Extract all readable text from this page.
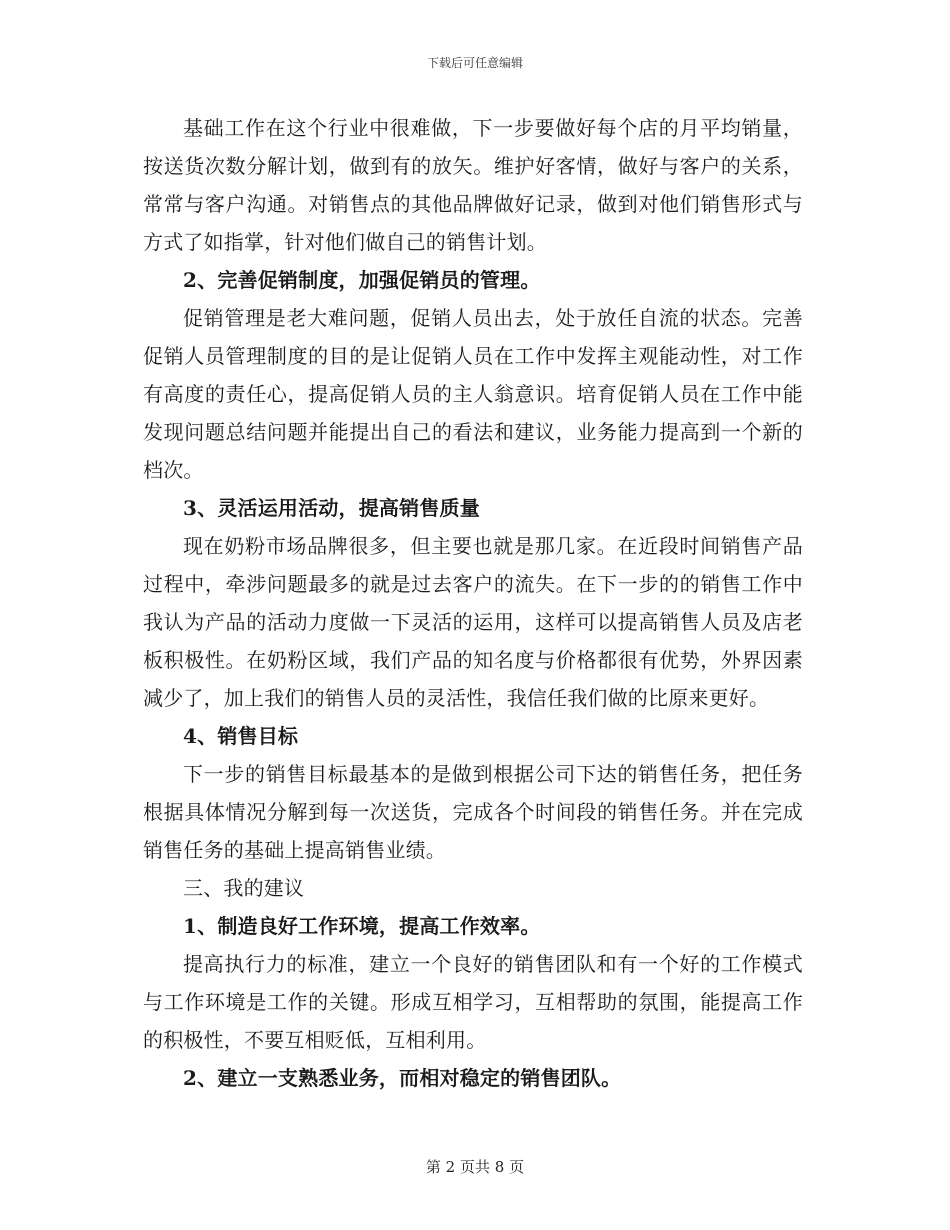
下载后可任意编辑

基础工作在这个行业中很难做，下一步要做好每个店的月平均销量，按送货次数分解计划，做到有的放矢。维护好客情，做好与客户的关系，常常与客户沟通。对销售点的其他品牌做好记录，做到对他们销售形式与方式了如指掌，针对他们做自己的销售计划。

2、完善促销制度，加强促销员的管理。

促销管理是老大难问题，促销人员出去，处于放任自流的状态。完善促销人员管理制度的目的是让促销人员在工作中发挥主观能动性，对工作有高度的责任心，提高促销人员的主人翁意识。培育促销人员在工作中能发现问题总结问题并能提出自己的看法和建议，业务能力提高到一个新的档次。

3、灵活运用活动，提高销售质量

现在奶粉市场品牌很多，但主要也就是那几家。在近段时间销售产品过程中，牵涉问题最多的就是过去客户的流失。在下一步的的销售工作中我认为产品的活动力度做一下灵活的运用，这样可以提高销售人员及店老板积极性。在奶粉区域，我们产品的知名度与价格都很有优势，外界因素减少了，加上我们的销售人员的灵活性，我信任我们做的比原来更好。

4、销售目标

下一步的销售目标最基本的是做到根据公司下达的销售任务，把任务根据具体情况分解到每一次送货，完成各个时间段的销售任务。并在完成销售任务的基础上提高销售业绩。

三、我的建议

1、制造良好工作环境，提高工作效率。

提高执行力的标准，建立一个良好的销售团队和有一个好的工作模式与工作环境是工作的关键。形成互相学习，互相帮助的氛围，能提高工作的积极性，不要互相贬低，互相利用。

2、建立一支熟悉业务，而相对稳定的销售团队。

第 2 页共 8 页
